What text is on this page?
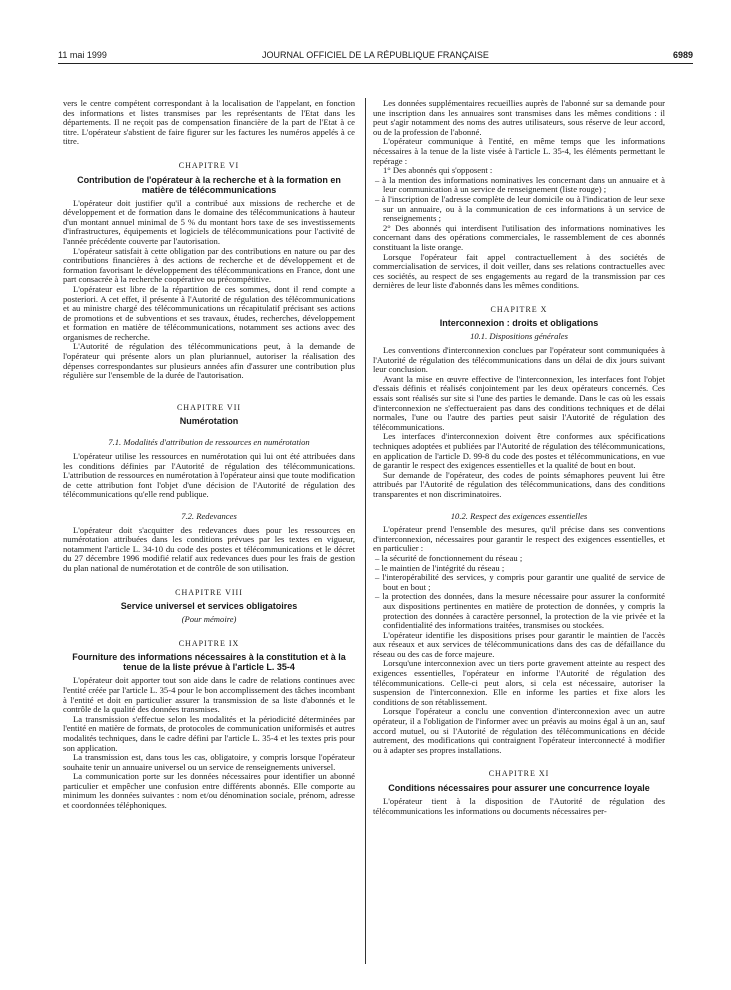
11 mai 1999	JOURNAL OFFICIEL DE LA RÉPUBLIQUE FRANÇAISE	6989

vers le centre compétent correspondant à la localisation de l'appelant, en fonction des informations et listes transmises par les représentants de l'Etat dans les départements. Il ne reçoit pas de compensation financière de la part de l'Etat à ce titre. L'opérateur s'abstient de faire figurer sur les factures les numéros appelés à ce titre.

CHAPITRE VI
Contribution de l'opérateur à la recherche et à la formation en matière de télécommunications

L'opérateur doit justifier qu'il a contribué aux missions de recherche et de développement et de formation dans le domaine des télécommunications à hauteur d'un montant annuel minimal de 5 % du montant hors taxe de ses investissements d'infrastructures, équipements et logiciels de télécommunications pour l'activité de l'année précédente couverte par l'autorisation.

L'opérateur satisfait à cette obligation par des contributions en nature ou par des contributions financières à des actions de recherche et de développement et de formation favorisant le développement des télécommunications en France, dont une part consacrée à la recherche coopérative ou précompétitive.

L'opérateur est libre de la répartition de ces sommes, dont il rend compte a posteriori. A cet effet, il présente à l'Autorité de régulation des télécommunications et au ministre chargé des télécommunications un récapitulatif précisant ses actions de promotions et de subventions et ses travaux, études, recherches, développement et formation en matière de télécommunications, notamment ses actions avec des organismes de recherche.

L'Autorité de régulation des télécommunications peut, à la demande de l'opérateur qui présente alors un plan pluriannuel, autoriser la réalisation des dépenses correspondantes sur plusieurs années afin d'assurer une contribution plus régulière sur l'ensemble de la durée de l'autorisation.

CHAPITRE VII
Numérotation
7.1. Modalités d'attribution de ressources en numérotation

L'opérateur utilise les ressources en numérotation qui lui ont été attribuées dans les conditions définies par l'Autorité de régulation des télécommunications. L'attribution de ressources en numérotation à l'opérateur ainsi que toute modification de cette attribution font l'objet d'une décision de l'Autorité de régulation des télécommunications qu'elle rend publique.

7.2. Redevances

L'opérateur doit s'acquitter des redevances dues pour les ressources en numérotation attribuées dans les conditions prévues par les textes en vigueur, notamment l'article L. 34-10 du code des postes et télécommunications et le décret du 27 décembre 1996 modifié relatif aux redevances dues pour les frais de gestion du plan national de numérotation et de contrôle de son utilisation.

CHAPITRE VIII
Service universel et services obligatoires
(Pour mémoire)
CHAPITRE IX
Fourniture des informations nécessaires à la constitution et à la tenue de la liste prévue à l'article L. 35-4

L'opérateur doit apporter tout son aide dans le cadre de relations continues avec l'entité créée par l'article L. 35-4 pour le bon accomplissement des tâches incombant à l'entité et doit en particulier assurer la transmission de sa liste d'abonnés et le contrôle de la qualité des données transmises.

La transmission s'effectue selon les modalités et la périodicité déterminées par l'entité en matière de formats, de protocoles de communication uniformisés et autres modalités techniques, dans le cadre défini par l'article L. 35-4 et les textes pris pour son application.

La transmission est, dans tous les cas, obligatoire, y compris lorsque l'opérateur souhaite tenir un annuaire universel ou un service de renseignements universel.

La communication porte sur les données nécessaires pour identifier un abonné particulier et empêcher une confusion entre différents abonnés. Elle comporte au minimum les données suivantes : nom et/ou dénomination sociale, prénom, adresse et coordonnées téléphoniques.

Les données supplémentaires recueillies auprès de l'abonné sur sa demande pour une inscription dans les annuaires sont transmises dans les mêmes conditions : il peut s'agir notamment des noms des autres utilisateurs, sous réserve de leur accord, ou de la profession de l'abonné.

L'opérateur communique à l'entité, en même temps que les informations nécessaires à la tenue de la liste visée à l'article L. 35-4, les éléments permettant le repérage :

1° Des abonnés qui s'opposent :

– à la mention des informations nominatives les concernant dans un annuaire et à leur communication à un service de renseignement (liste rouge) ;
– à l'inscription de l'adresse complète de leur domicile ou à l'indication de leur sexe sur un annuaire, ou à la communication de ces informations à un service de renseignements ;

2° Des abonnés qui interdisent l'utilisation des informations nominatives les concernant dans des opérations commerciales, le rassemblement de ces abonnés constituant la liste orange.

Lorsque l'opérateur fait appel contractuellement à des sociétés de commercialisation de services, il doit veiller, dans ses relations contractuelles avec ces sociétés, au respect de ses engagements au regard de la transmission par ces dernières de leur liste d'abonnés dans les mêmes conditions.

CHAPITRE X
Interconnexion : droits et obligations
10.1. Dispositions générales

Les conventions d'interconnexion conclues par l'opérateur sont communiquées à l'Autorité de régulation des télécommunications dans un délai de dix jours suivant leur conclusion.

Avant la mise en œuvre effective de l'interconnexion, les interfaces font l'objet d'essais définis et réalisés conjointement par les deux opérateurs concernés. Ces essais sont réalisés sur site si l'une des parties le demande. Dans le cas où les essais d'interconnexion ne s'effectueraient pas dans des conditions techniques et de délai normales, l'une ou l'autre des parties peut saisir l'Autorité de régulation des télécommunications.

Les interfaces d'interconnexion doivent être conformes aux spécifications techniques adoptées et publiées par l'Autorité de régulation des télécommunications, en application de l'article D. 99-8 du code des postes et télécommunications, en vue de garantir le respect des exigences essentielles et la qualité de bout en bout.

Sur demande de l'opérateur, des codes de points sémaphores peuvent lui être attribués par l'Autorité de régulation des télécommunications, dans des conditions transparentes et non discriminatoires.

10.2. Respect des exigences essentielles

L'opérateur prend l'ensemble des mesures, qu'il précise dans ses conventions d'interconnexion, nécessaires pour garantir le respect des exigences essentielles, et en particulier :

– la sécurité de fonctionnement du réseau ;
– le maintien de l'intégrité du réseau ;
– l'interopérabilité des services, y compris pour garantir une qualité de service de bout en bout ;
– la protection des données, dans la mesure nécessaire pour assurer la conformité aux dispositions pertinentes en matière de protection de données, y compris la protection des données à caractère personnel, la protection de la vie privée et la confidentialité des informations traitées, transmises ou stockées.

L'opérateur identifie les dispositions prises pour garantir le maintien de l'accès aux réseaux et aux services de télécommunications dans des cas de défaillance du réseau ou des cas de force majeure.

Lorsqu'une interconnexion avec un tiers porte gravement atteinte au respect des exigences essentielles, l'opérateur en informe l'Autorité de régulation des télécommunications. Celle-ci peut alors, si cela est nécessaire, autoriser la suspension de l'interconnexion. Elle en informe les parties et fixe alors les conditions de son rétablissement.

Lorsque l'opérateur a conclu une convention d'interconnexion avec un autre opérateur, il a l'obligation de l'informer avec un préavis au moins égal à un an, sauf accord mutuel, ou si l'Autorité de régulation des télécommunications en décide autrement, des modifications qui contraignent l'opérateur interconnecté à modifier ou à adapter ses propres installations.

CHAPITRE XI
Conditions nécessaires pour assurer une concurrence loyale

L'opérateur tient à la disposition de l'Autorité de régulation des télécommunications les informations ou documents nécessaires per-
